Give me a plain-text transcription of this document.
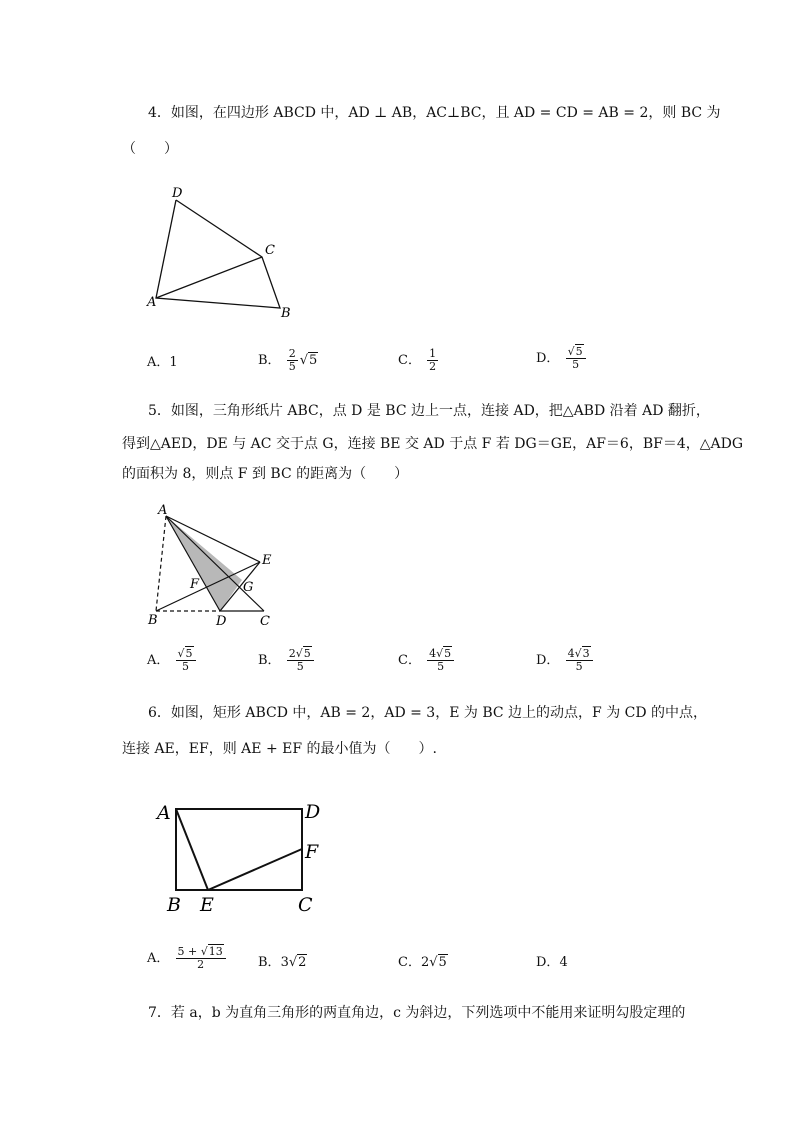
4．如图，在四边形 ABCD 中，AD ⊥ AB，AC⊥BC，且 AD = CD = AB = 2，则 BC 为
（　　）
D
C
A
B
A．1	B． $\frac{2}{5} √5$	C． $\frac{1}{2}$	D． $\frac{√5}{5}$
5．如图，三角形纸片 ABC，点 D 是 BC 边上一点，连接 AD，把△ABD 沿着 AD 翻折，
得到△AED，DE 与 AC 交于点 G，连接 BE 交 AD 于点 F 若 DG＝GE，AF＝6，BF＝4，△ADG
的面积为 8，则点 F 到 BC 的距离为（　　）
A
E
F	G
B	D	C
A． $\frac{√5}{5}$	B． $\frac{2√5}{5}$	C． $\frac{4√5}{5}$	D． $\frac{4√3}{5}$
6．如图，矩形 ABCD 中，AB = 2，AD = 3，E 为 BC 边上的动点，F 为 CD 的中点，
连接 AE，EF，则 AE + EF 的最小值为（　　）.
A	D
F
B E	C
A． $\frac{5 + √13}{2}$ B．3√2	C．2√5	D．4
7．若 a，b 为直角三角形的两直角边，c 为斜边，下列选项中不能用来证明勾股定理的
